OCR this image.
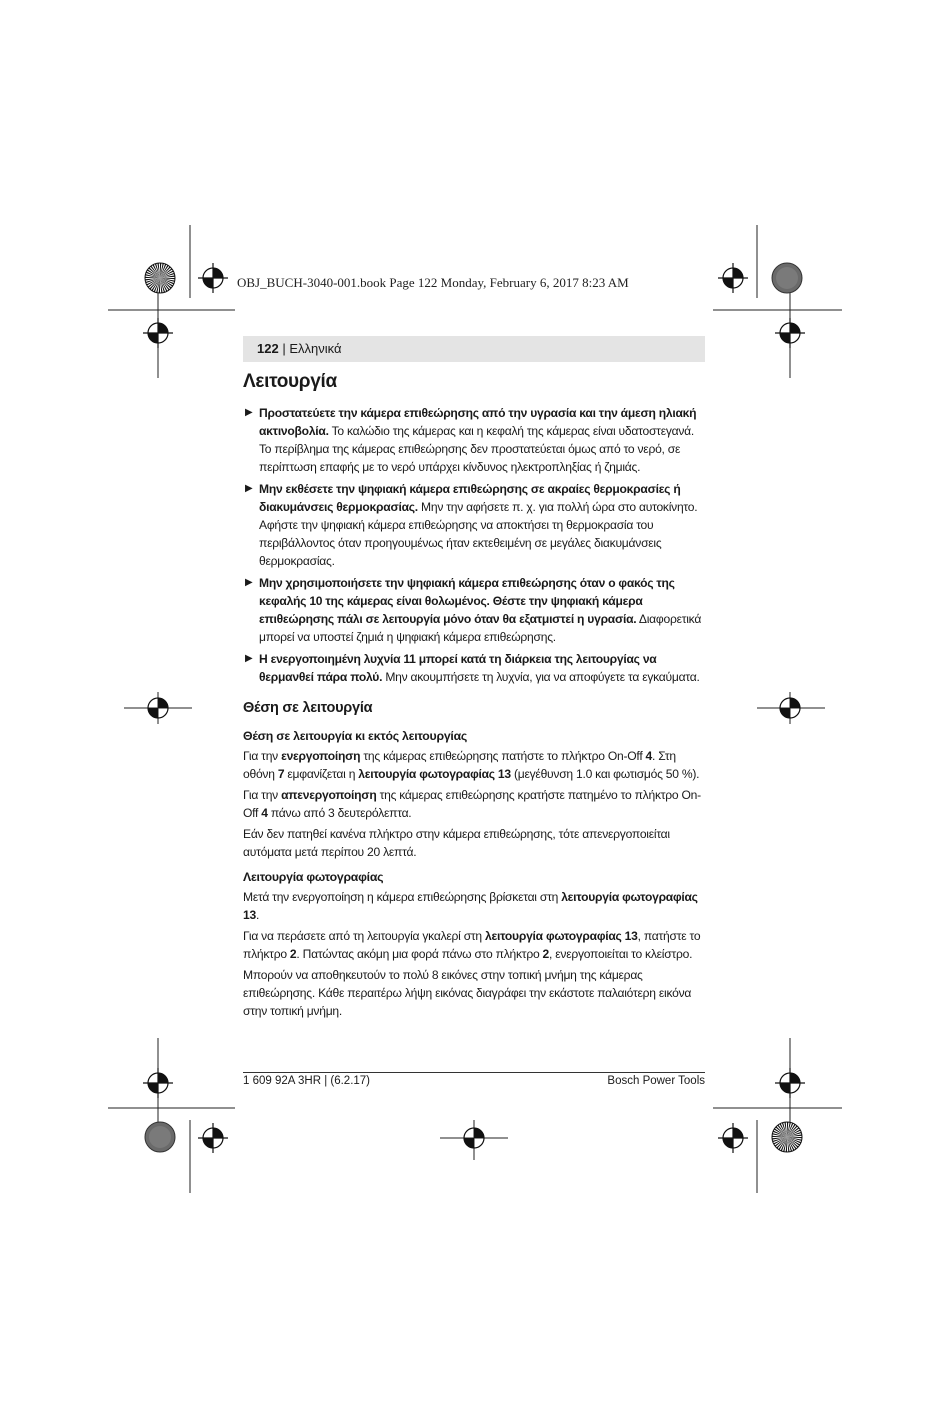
OBJ_BUCH-3040-001.book Page 122 Monday, February 6, 2017 8:23 AM
122 | Ελληνικά
Λειτουργία
▶ Προστατεύετε την κάμερα επιθεώρησης από την υγρασία και την άμεση ηλιακή ακτινοβολία. Το καλώδιο της κάμερας και η κεφαλή της κάμερας είναι υδατοστεγανά. Το περίβλημα της κάμερας επιθεώρησης δεν προστατεύεται όμως από το νερό, σε περίπτωση επαφής με το νερό υπάρχει κίνδυνος ηλεκτροπληξίας ή ζημιάς.
▶ Μην εκθέσετε την ψηφιακή κάμερα επιθεώρησης σε ακραίες θερμοκρασίες ή διακυμάνσεις θερμοκρασίας. Μην την αφήσετε π. χ. για πολλή ώρα στο αυτοκίνητο. Αφήστε την ψηφιακή κάμερα επιθεώρησης να αποκτήσει τη θερμοκρασία του περιβάλλοντος όταν προηγουμένως ήταν εκτεθειμένη σε μεγάλες διακυμάνσεις θερμοκρασίας.
▶ Μην χρησιμοποιήσετε την ψηφιακή κάμερα επιθεώρησης όταν ο φακός της κεφαλής 10 της κάμερας είναι θολωμένος. Θέστε την ψηφιακή κάμερα επιθεώρησης πάλι σε λειτουργία μόνο όταν θα εξατμιστεί η υγρασία. Διαφορετικά μπορεί να υποστεί ζημιά η ψηφιακή κάμερα επιθεώρησης.
▶ Η ενεργοποιημένη λυχνία 11 μπορεί κατά τη διάρκεια της λειτουργίας να θερμανθεί πάρα πολύ. Μην ακουμπήσετε τη λυχνία, για να αποφύγετε τα εγκαύματα.
Θέση σε λειτουργία
Θέση σε λειτουργία κι εκτός λειτουργίας

Για την ενεργοποίηση της κάμερας επιθεώρησης πατήστε το πλήκτρο On-Off 4. Στη οθόνη 7 εμφανίζεται η λειτουργία φωτογραφίας 13 (μεγέθυνση 1.0 και φωτισμός 50 %).

Για την απενεργοποίηση της κάμερας επιθεώρησης κρατήστε πατημένο το πλήκτρο On-Off 4 πάνω από 3 δευτερόλεπτα.

Εάν δεν πατηθεί κανένα πλήκτρο στην κάμερα επιθεώρησης, τότε απενεργοποιείται αυτόματα μετά περίπου 20 λεπτά.

Λειτουργία φωτογραφίας

Μετά την ενεργοποίηση η κάμερα επιθεώρησης βρίσκεται στη λειτουργία φωτογραφίας 13.

Για να περάσετε από τη λειτουργία γκαλερί στη λειτουργία φωτογραφίας 13, πατήστε το πλήκτρο 2. Πατώντας ακόμη μια φορά πάνω στο πλήκτρο 2, ενεργοποιείται το κλείστρο.

Μπορούν να αποθηκευτούν το πολύ 8 εικόνες στην τοπική μνήμη της κάμερας επιθεώρησης. Κάθε περαιτέρω λήψη εικόνας διαγράφει την εκάστοτε παλαιότερη εικόνα στην τοπική μνήμη.

1 609 92A 3HR | (6.2.17)	Bosch Power Tools
